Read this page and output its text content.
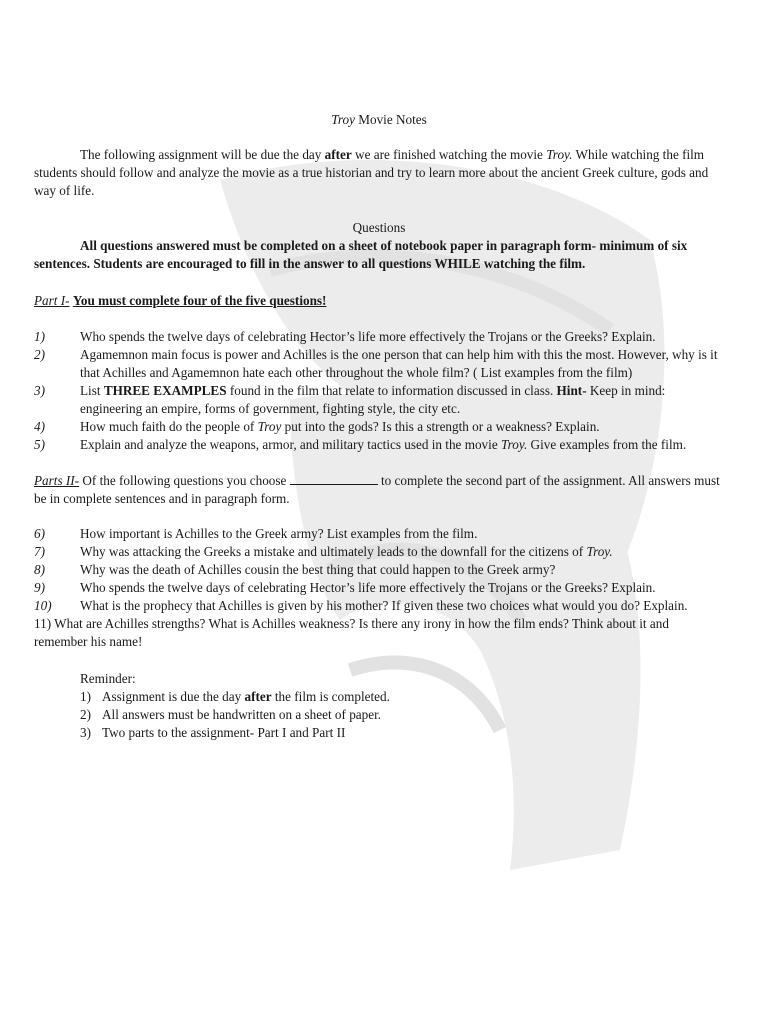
Troy Movie Notes

The following assignment will be due the day after we are finished watching the movie Troy. While watching the film students should follow and analyze the movie as a true historian and try to learn more about the ancient Greek culture, gods and way of life.

Questions

All questions answered must be completed on a sheet of notebook paper in paragraph form- minimum of six sentences. Students are encouraged to fill in the answer to all questions WHILE watching the film.

Part I- You must complete four of the five questions!

1)	Who spends the twelve days of celebrating Hector’s life more effectively the Trojans or the Greeks? Explain.
2)	Agamemnon main focus is power and Achilles is the one person that can help him with this the most. However, why is it that Achilles and Agamemnon hate each other throughout the whole film? ( List examples from the film)
3)	List THREE EXAMPLES found in the film that relate to information discussed in class. Hint- Keep in mind: engineering an empire, forms of government, fighting style, the city etc.
4)	How much faith do the people of Troy put into the gods? Is this a strength or a weakness? Explain.
5)	Explain and analyze the weapons, armor, and military tactics used in the movie Troy. Give examples from the film.

Parts II- Of the following questions you choose	to complete the second part of the assignment. All answers must be in complete sentences and in paragraph form.

6)	How important is Achilles to the Greek army? List examples from the film.
7)	Why was attacking the Greeks a mistake and ultimately leads to the downfall for the citizens of Troy.
8)	Why was the death of Achilles cousin the best thing that could happen to the Greek army?
9)	Who spends the twelve days of celebrating Hector’s life more effectively the Trojans or the Greeks? Explain.
10)	What is the prophecy that Achilles is given by his mother? If given these two choices what would you do? Explain.
11) What are Achilles strengths? What is Achilles weakness? Is there any irony in how the film ends? Think about it and remember his name!
Reminder:
1) Assignment is due the day after the film is completed.
2) All answers must be handwritten on a sheet of paper.
3) Two parts to the assignment- Part I and Part II
